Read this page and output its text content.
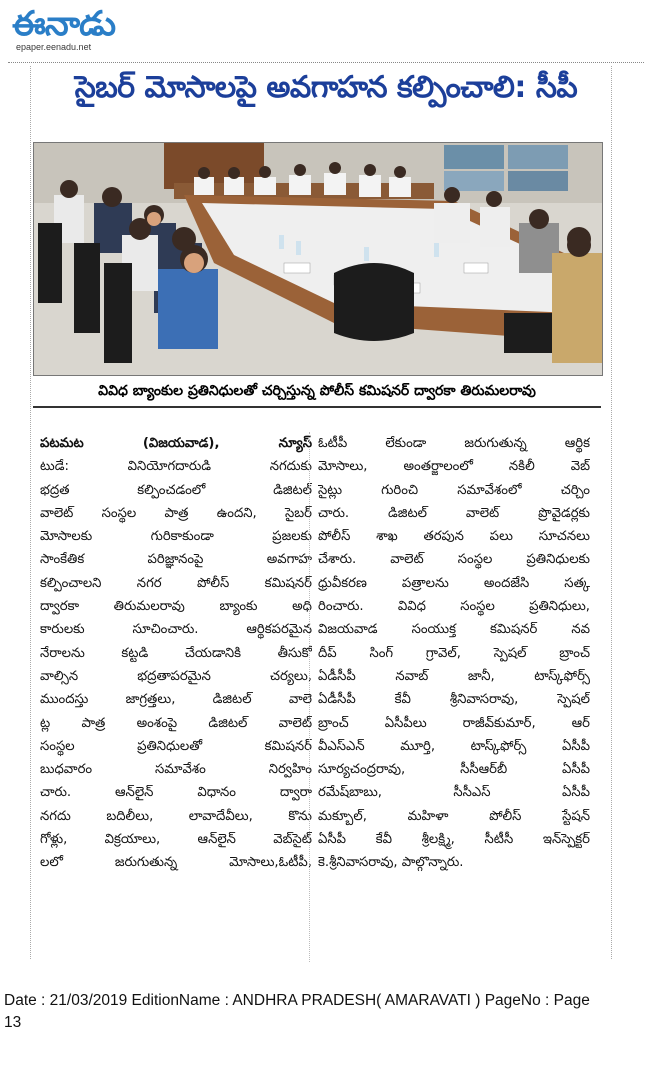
ఈనాడు
epaper.eenadu.net
సైబర్ మోసాలపై అవగాహన కల్పించాలి: సీపీ
వివిధ బ్యాంకుల ప్రతినిధులతో చర్చిస్తున్న పోలీస్ కమిషనర్ ద్వారకా తిరుమలరావు
పటమట (విజయవాడ), న్యూస్
టుడే: వినియోగదారుడి నగదుకు
భద్రత కల్పించడంలో డిజిటల్
వాలెట్ సంస్థల పాత్ర ఉందని, సైబర్
మోసాలకు గురికాకుండా ప్రజలకు
సాంకేతిక పరిజ్ఞానంపై అవగాహ
కల్పించాలని నగర పోలీస్ కమిషనర్
ద్వారకా తిరుమలరావు బ్యాంకు అధి
కారులకు సూచించారు. ఆర్థికపరమైన
నేరాలను కట్టడి చేయడానికి తీసుకో
వాల్సిన భద్రతాపరమైన చర్యలు,
ముందస్తు జాగ్రత్తలు, డిజిటల్ వాలె
ట్ల పాత్ర అంశంపై డిజిటల్ వాలెట్
సంస్థల ప్రతినిధులతో కమిషనర్
బుధవారం సమావేశం నిర్వహిం
చారు. ఆన్‌లైన్ విధానం ద్వారా
నగదు బదిలీలు, లావాదేవీలు, కొను
గోళ్లు, విక్రయాలు, ఆన్‌లైన్ వెబ్‌సైట్
లలో జరుగుతున్న మోసాలు,ఓటీపీ,
ఓటీపీ లేకుండా జరుగుతున్న ఆర్థిక
మోసాలు, అంతర్జాలంలో నకిలీ వెబ్
సైట్లు గురించి సమావేశంలో చర్చిం
చారు. డిజిటల్ వాలెట్ ప్రొవైడర్లకు
పోలీస్ శాఖ తరపున పలు సూచనలు
చేశారు. వాలెట్ సంస్థల ప్రతినిధులకు
ధ్రువీకరణ పత్రాలను అందజేసి సత్క
రించారు. వివిధ సంస్థల ప్రతినిధులు,
విజయవాడ సంయుక్త కమిషనర్ నవ
దీప్ సింగ్ గ్రావెల్, స్పెషల్ బ్రాంచ్
ఏడీసీపీ నవాబ్ జానీ, టాస్క్‌ఫోర్స్
ఏడీసీపీ కేవీ శ్రీనివాసరావు, స్పెషల్
బ్రాంచ్ ఏసీపీలు రాజీవ్‌కుమార్, ఆర్
వీఎస్ఎన్ మూర్తి, టాస్క్‌ఫోర్స్ ఏసీపీ
సూర్యచంద్రరావు, సీసీఆర్‌బీ ఏసీపీ
రమేష్‌బాబు, సీసీఎస్ ఏసీపీ
మక్బూల్, మహిళా పోలీస్ స్టేషన్
ఏసీపీ కేవీ శ్రీలక్ష్మి, సీటీసీ ఇన్‌స్పెక్టర్
కె.శ్రీనివాసరావు, పాల్గొన్నారు.
Date : 21/03/2019 EditionName : ANDHRA PRADESH( AMARAVATI ) PageNo : Page
13
